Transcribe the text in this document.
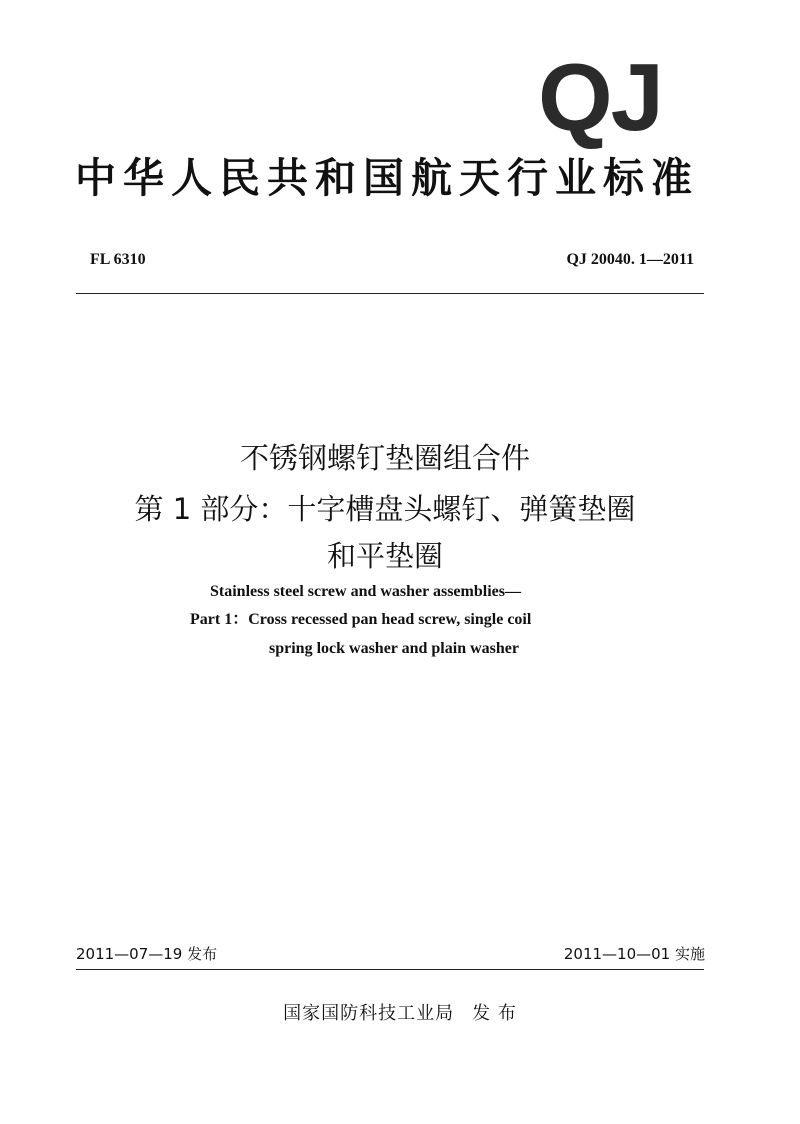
QJ
中华人民共和国航天行业标准
FL 6310	QJ 20040. 1—2011
不锈钢螺钉垫圈组合件
第 1 部分：十字槽盘头螺钉、弹簧垫圈
和平垫圈
Stainless steel screw and washer assemblies—
Part 1：Cross recessed pan head screw, single coil
spring lock washer and plain washer
2011—07—19 发布	2011—10—01 实施
国家国防科技工业局 发 布
